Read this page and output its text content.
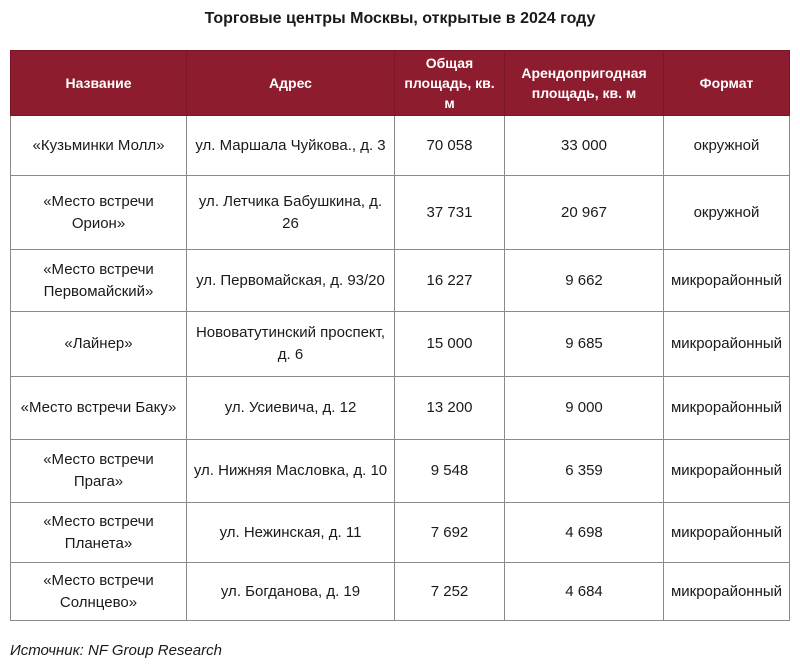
Торговые центры Москвы, открытые в 2024 году
Название	Адрес	Общая площадь, кв. м	Арендопригодная площадь, кв. м	Формат
«Кузьминки Молл»	ул. Маршала Чуйкова., д. 3	70 058	33 000	окружной
«Место встречи Орион»	ул. Летчика Бабушкина, д. 26	37 731	20 967	окружной
«Место встречи Первомайский»	ул. Первомайская, д. 93/20	16 227	9 662	микрорайонный
«Лайнер»	Нововатутинский проспект, д. 6	15 000	9 685	микрорайонный
«Место встречи Баку»	ул. Усиевича, д. 12	13 200	9 000	микрорайонный
«Место встречи Прага»	ул. Нижняя Масловка, д. 10	9 548	6 359	микрорайонный
«Место встречи Планета»	ул. Нежинская, д. 11	7 692	4 698	микрорайонный
«Место встречи Солнцево»	ул. Богданова, д. 19	7 252	4 684	микрорайонный
Источник: NF Group Research
